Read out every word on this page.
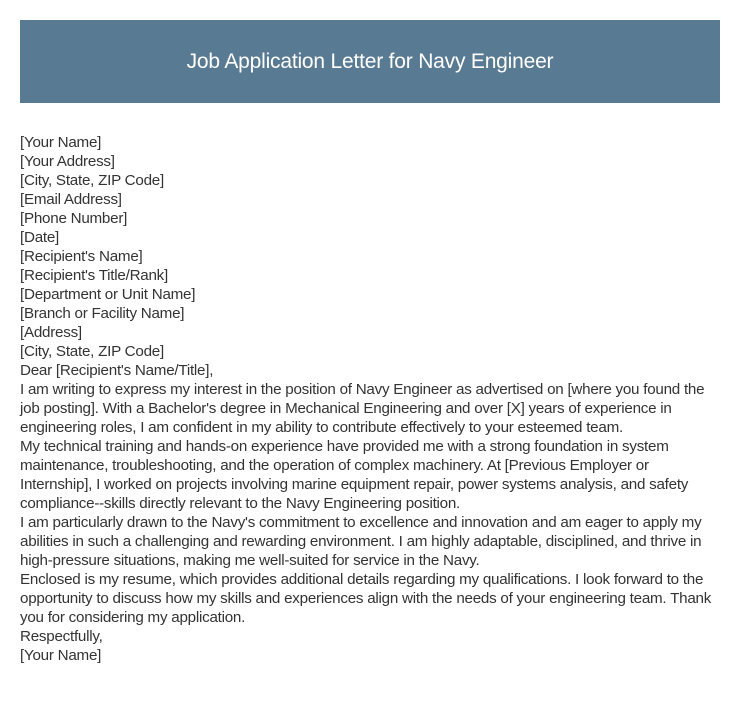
Job Application Letter for Navy Engineer
[Your Name]
[Your Address]
[City, State, ZIP Code]
[Email Address]
[Phone Number]
[Date]
[Recipient's Name]
[Recipient's Title/Rank]
[Department or Unit Name]
[Branch or Facility Name]
[Address]
[City, State, ZIP Code]
Dear [Recipient's Name/Title],

I am writing to express my interest in the position of Navy Engineer as advertised on [where you found the job posting]. With a Bachelor's degree in Mechanical Engineering and over [X] years of experience in engineering roles, I am confident in my ability to contribute effectively to your esteemed team.

My technical training and hands-on experience have provided me with a strong foundation in system maintenance, troubleshooting, and the operation of complex machinery. At [Previous Employer or Internship], I worked on projects involving marine equipment repair, power systems analysis, and safety compliance--skills directly relevant to the Navy Engineering position.

I am particularly drawn to the Navy's commitment to excellence and innovation and am eager to apply my abilities in such a challenging and rewarding environment. I am highly adaptable, disciplined, and thrive in high-pressure situations, making me well-suited for service in the Navy.

Enclosed is my resume, which provides additional details regarding my qualifications. I look forward to the opportunity to discuss how my skills and experiences align with the needs of your engineering team. Thank you for considering my application.

Respectfully,
[Your Name]
